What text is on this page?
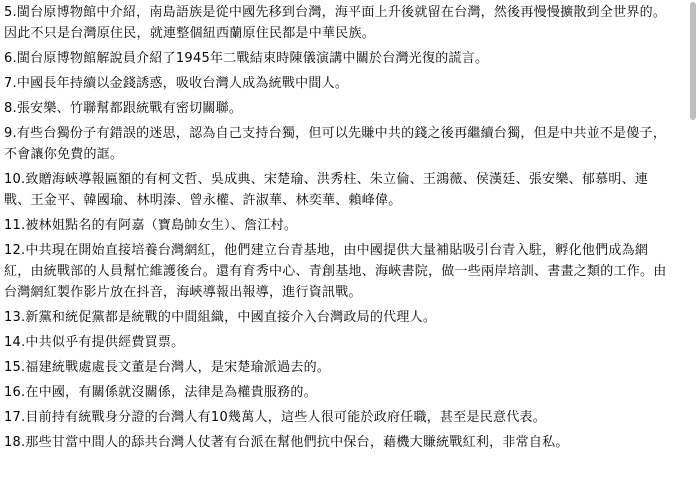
5.閩台原博物館中介紹，南島語族是從中國先移到台灣，海平面上升後就留在台灣，然後再慢慢擴散到全世界的。因此不只是台灣原住民，就連整個紐西蘭原住民都是中華民族。

6.閩台原博物館解說員介紹了1945年二戰結束時陳儀演講中關於台灣光復的謊言。

7.中國長年持續以金錢誘惑，吸收台灣人成為統戰中間人。

8.張安樂、竹聯幫都跟統戰有密切關聯。

9.有些台獨份子有錯誤的迷思，認為自己支持台獨，但可以先賺中共的錢之後再繼續台獨，但是中共並不是傻子，不會讓你免費的誆。

10.致贈海峽導報匾額的有柯文哲、吳成典、宋楚瑜、洪秀柱、朱立倫、王鴻薇、侯漢廷、張安樂、郁慕明、連戰、王金平、韓國瑜、林明溱、曾永權、許淑華、林奕華、賴峰偉。

11.被林姐點名的有阿嘉（寶島帥女生）、詹江村。

12.中共現在開始直接培養台灣網紅，他們建立台青基地，由中國提供大量補貼吸引台青入駐，孵化他們成為網紅，由統戰部的人員幫忙維護後台。還有育秀中心、青創基地、海峽書院，做一些兩岸培訓、書畫之類的工作。由台灣網紅製作影片放在抖音，海峽導報出報導，進行資訊戰。

13.新黨和統促黨都是統戰的中間組織，中國直接介入台灣政局的代理人。

14.中共似乎有提供經費買票。

15.福建統戰處處長文董是台灣人，是宋楚瑜派過去的。

16.在中國，有關係就沒關係，法律是為權貴服務的。

17.目前持有統戰身分證的台灣人有10幾萬人，這些人很可能於政府任職，甚至是民意代表。

18.那些甘當中間人的舔共台灣人仗著有台派在幫他們抗中保台，藉機大賺統戰紅利，非常自私。
